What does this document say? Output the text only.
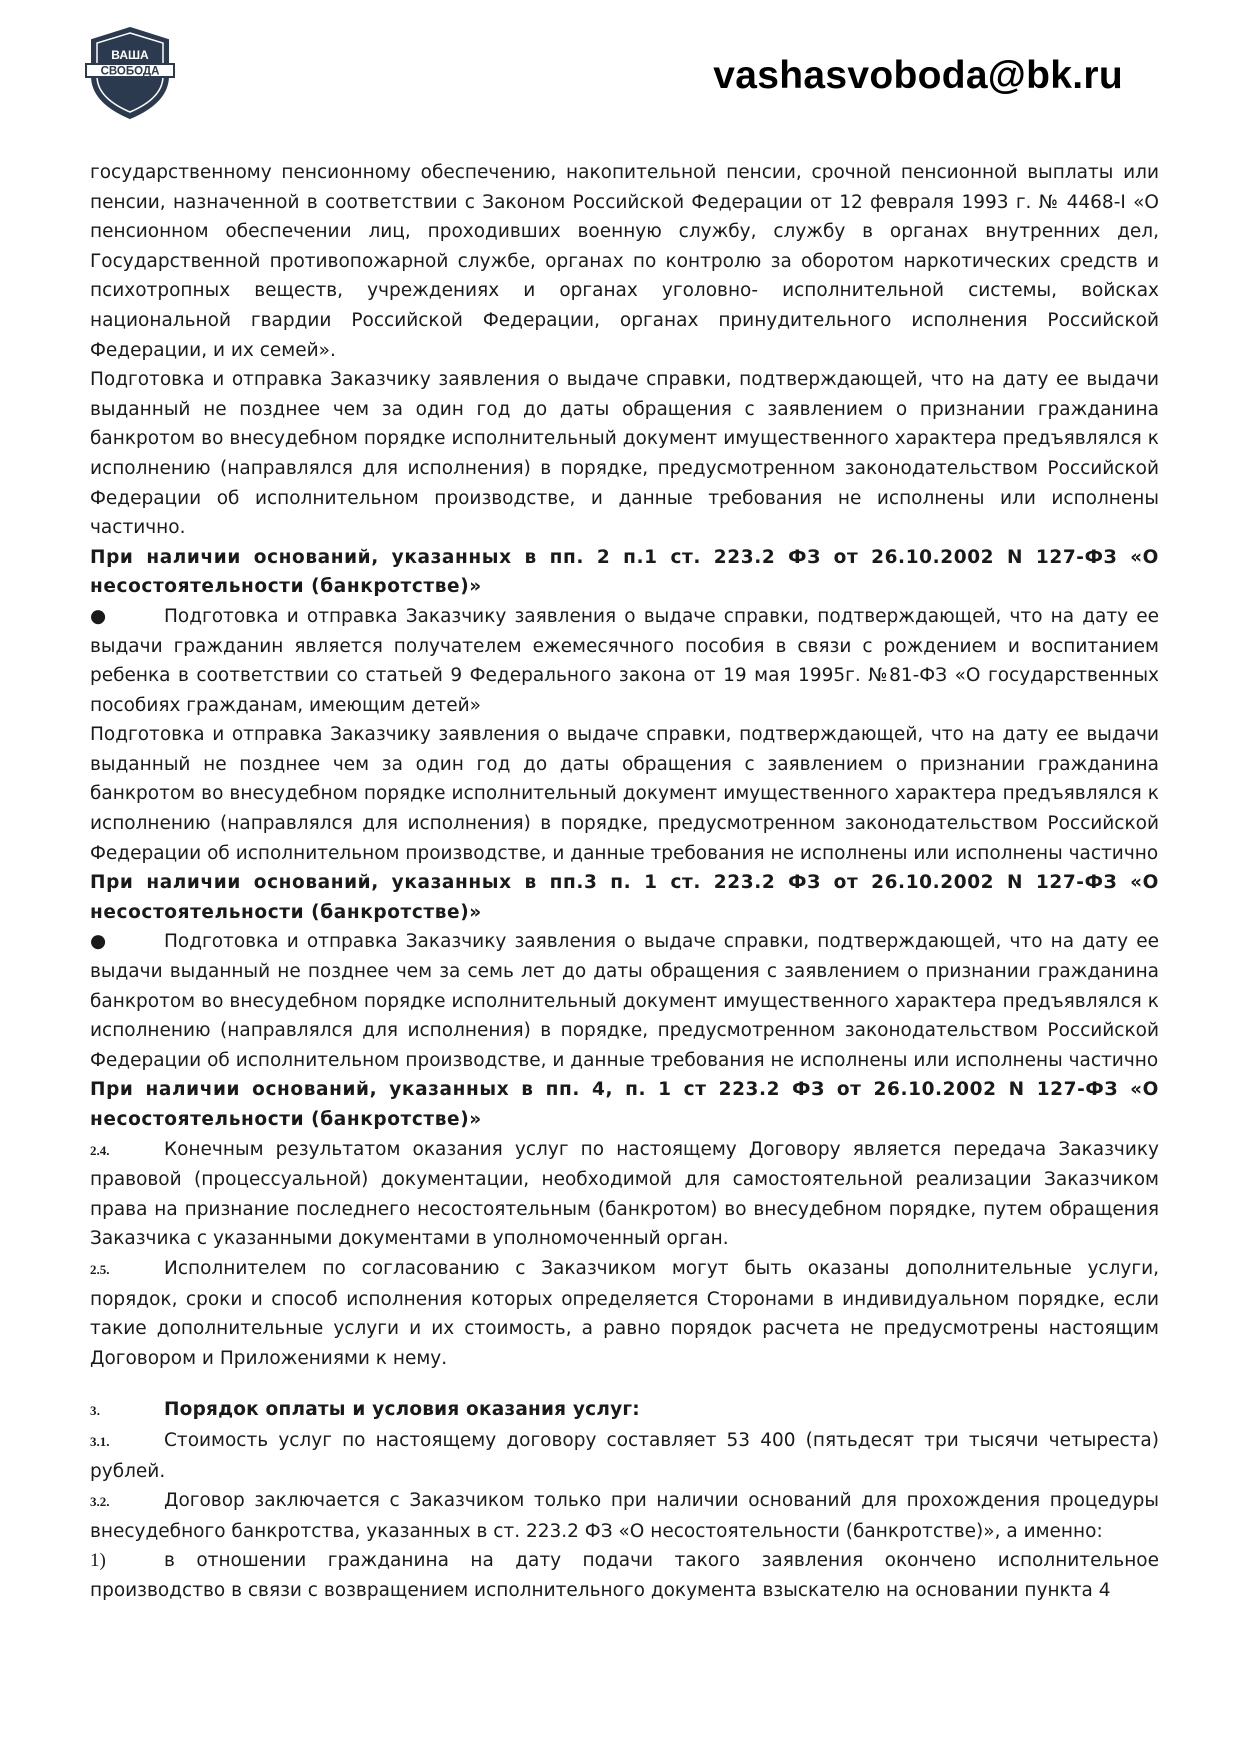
ВАША
СВОБОДА	vashasvoboda@bk.ru

государственному пенсионному обеспечению, накопительной пенсии, срочной пенсионной выплаты или пенсии, назначенной в соответствии с Законом Российской Федерации от 12 февраля 1993 г. № 4468-I «О пенсионном обеспечении лиц, проходивших военную службу, службу в органах внутренних дел, Государственной противопожарной службе, органах по контролю за оборотом наркотических средств и психотропных веществ, учреждениях и органах уголовно- исполнительной системы, войсках национальной гвардии Российской Федерации, органах принудительного исполнения Российской Федерации, и их семей».

Подготовка и отправка Заказчику заявления о выдаче справки, подтверждающей, что на дату ее выдачи выданный не позднее чем за один год до даты обращения с заявлением о признании гражданина банкротом во внесудебном порядке исполнительный документ имущественного характера предъявлялся к исполнению (направлялся для исполнения) в порядке, предусмотренном законодательством Российской Федерации об исполнительном производстве, и данные требования не исполнены или исполнены частично.

При наличии оснований, указанных в пп. 2 п.1 ст. 223.2 ФЗ от 26.10.2002 N 127-ФЗ «О несостоятельности (банкротстве)»

●	Подготовка и отправка Заказчику заявления о выдаче справки, подтверждающей, что на дату ее выдачи гражданин является получателем ежемесячного пособия в связи с рождением и воспитанием ребенка в соответствии со статьей 9 Федерального закона от 19 мая 1995г. №81-ФЗ «О государственных пособиях гражданам, имеющим детей»

Подготовка и отправка Заказчику заявления о выдаче справки, подтверждающей, что на дату ее выдачи выданный не позднее чем за один год до даты обращения с заявлением о признании гражданина банкротом во внесудебном порядке исполнительный документ имущественного характера предъявлялся к исполнению (направлялся для исполнения) в порядке, предусмотренном законодательством Российской Федерации об исполнительном производстве, и данные требования не исполнены или исполнены частично

При наличии оснований, указанных в пп.3 п. 1 ст. 223.2 ФЗ от 26.10.2002 N 127-ФЗ «О несостоятельности (банкротстве)»

●	Подготовка и отправка Заказчику заявления о выдаче справки, подтверждающей, что на дату ее выдачи выданный не позднее чем за семь лет до даты обращения с заявлением о признании гражданина банкротом во внесудебном порядке исполнительный документ имущественного характера предъявлялся к исполнению (направлялся для исполнения) в порядке, предусмотренном законодательством Российской Федерации об исполнительном производстве, и данные требования не исполнены или исполнены частично

При наличии оснований, указанных в пп. 4, п. 1 ст 223.2 ФЗ от 26.10.2002 N 127-ФЗ «О несостоятельности (банкротстве)»

2.4.	Конечным результатом оказания услуг по настоящему Договору является передача Заказчику правовой (процессуальной) документации, необходимой для самостоятельной реализации Заказчиком права на признание последнего несостоятельным (банкротом) во внесудебном порядке, путем обращения Заказчика с указанными документами в уполномоченный орган.

2.5.	Исполнителем по согласованию с Заказчиком могут быть оказаны дополнительные услуги, порядок, сроки и способ исполнения которых определяется Сторонами в индивидуальном порядке, если такие дополнительные услуги и их стоимость, а равно порядок расчета не предусмотрены настоящим Договором и Приложениями к нему.

3.	Порядок оплаты и условия оказания услуг:

3.1.	Стоимость услуг по настоящему договору составляет 53 400 (пятьдесят три тысячи четыреста) рублей.

3.2.	Договор заключается с Заказчиком только при наличии оснований для прохождения процедуры внесудебного банкротства, указанных в ст. 223.2 ФЗ «О несостоятельности (банкротстве)», а именно:

1)	в отношении гражданина на дату подачи такого заявления окончено исполнительное производство в связи с возвращением исполнительного документа взыскателю на основании пункта 4
